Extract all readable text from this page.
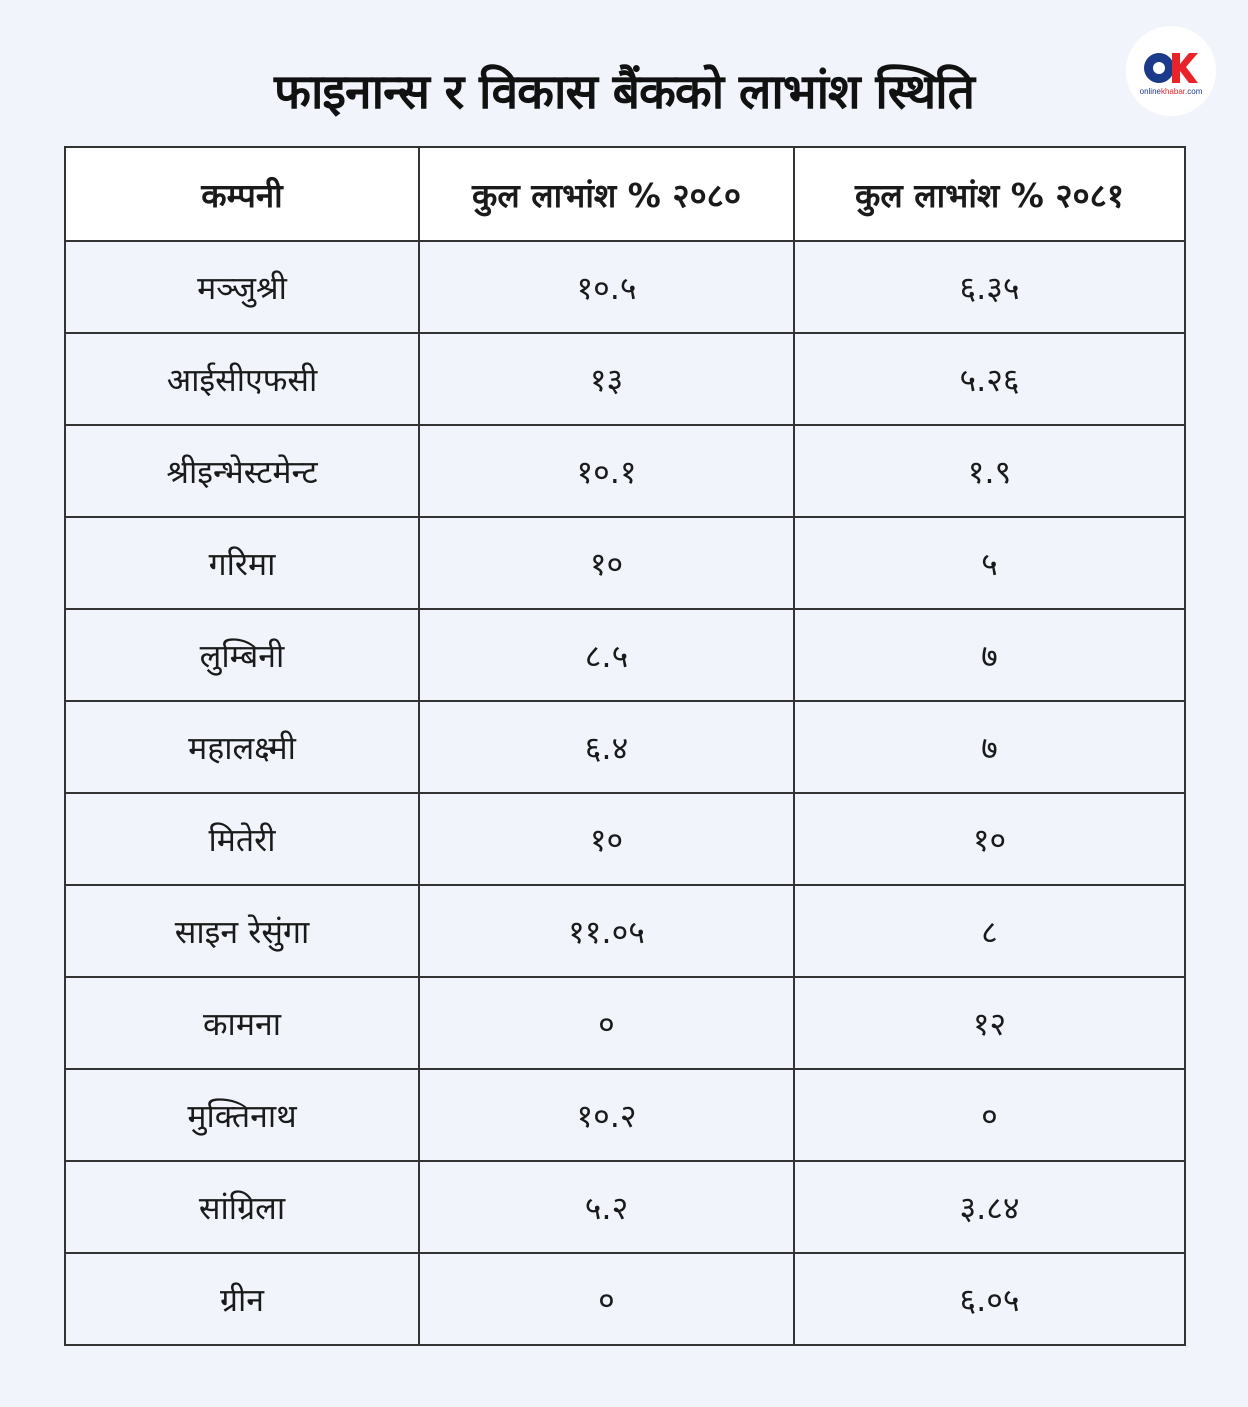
फाइनान्स र विकास बैंकको लाभांश स्थिति	onlinekhabar.com
कम्पनी	कुल लाभांश % २०८०	कुल लाभांश % २०८१
मञ्जुश्री	१०.५	६.३५
आईसीएफसी	१३	५.२६
श्रीइन्भेस्टमेन्ट	१०.१	१.९
गरिमा	१०	५
लुम्बिनी	८.५	७
महालक्ष्मी	६.४	७
मितेरी	१०	१०
साइन रेसुंगा	११.०५	८
कामना	०	१२
मुक्तिनाथ	१०.२	०
सांग्रिला	५.२	३.८४
ग्रीन	०	६.०५
